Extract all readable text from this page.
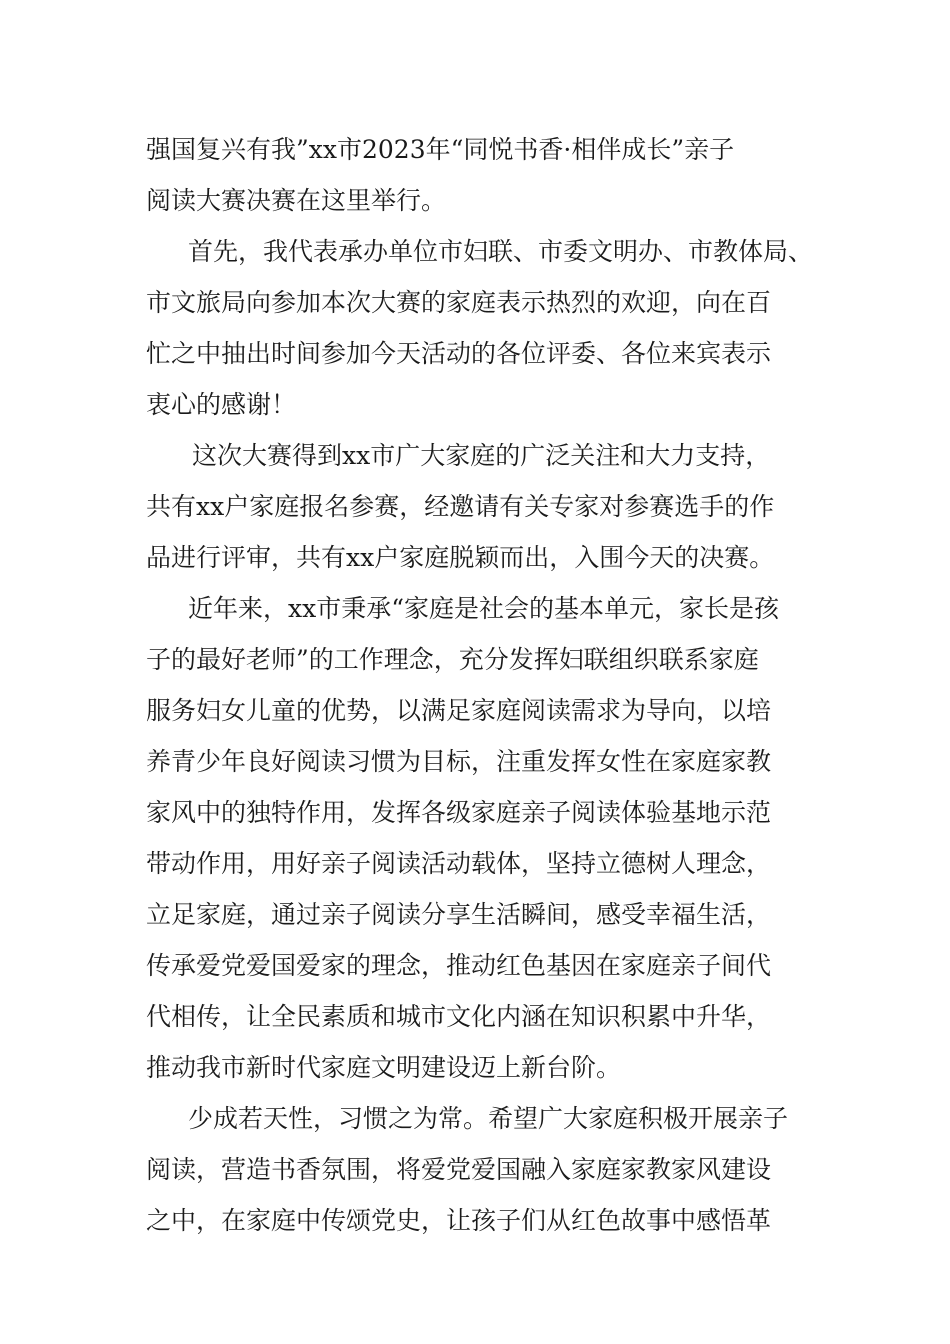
强国复兴有我”xx市2023年“同悦书香·相伴成长”亲子
阅读大赛决赛在这里举行。
首先，我代表承办单位市妇联、市委文明办、市教体局、
市文旅局向参加本次大赛的家庭表示热烈的欢迎，向在百
忙之中抽出时间参加今天活动的各位评委、各位来宾表示
衷心的感谢！
这次大赛得到xx市广大家庭的广泛关注和大力支持，
共有xx户家庭报名参赛，经邀请有关专家对参赛选手的作
品进行评审，共有xx户家庭脱颖而出，入围今天的决赛。
近年来，xx市秉承“家庭是社会的基本单元，家长是孩
子的最好老师”的工作理念，充分发挥妇联组织联系家庭
服务妇女儿童的优势，以满足家庭阅读需求为导向，以培
养青少年良好阅读习惯为目标，注重发挥女性在家庭家教
家风中的独特作用，发挥各级家庭亲子阅读体验基地示范
带动作用，用好亲子阅读活动载体，坚持立德树人理念，
立足家庭，通过亲子阅读分享生活瞬间，感受幸福生活，
传承爱党爱国爱家的理念，推动红色基因在家庭亲子间代
代相传，让全民素质和城市文化内涵在知识积累中升华，
推动我市新时代家庭文明建设迈上新台阶。
少成若天性，习惯之为常。希望广大家庭积极开展亲子
阅读，营造书香氛围，将爱党爱国融入家庭家教家风建设
之中，在家庭中传颂党史，让孩子们从红色故事中感悟革
